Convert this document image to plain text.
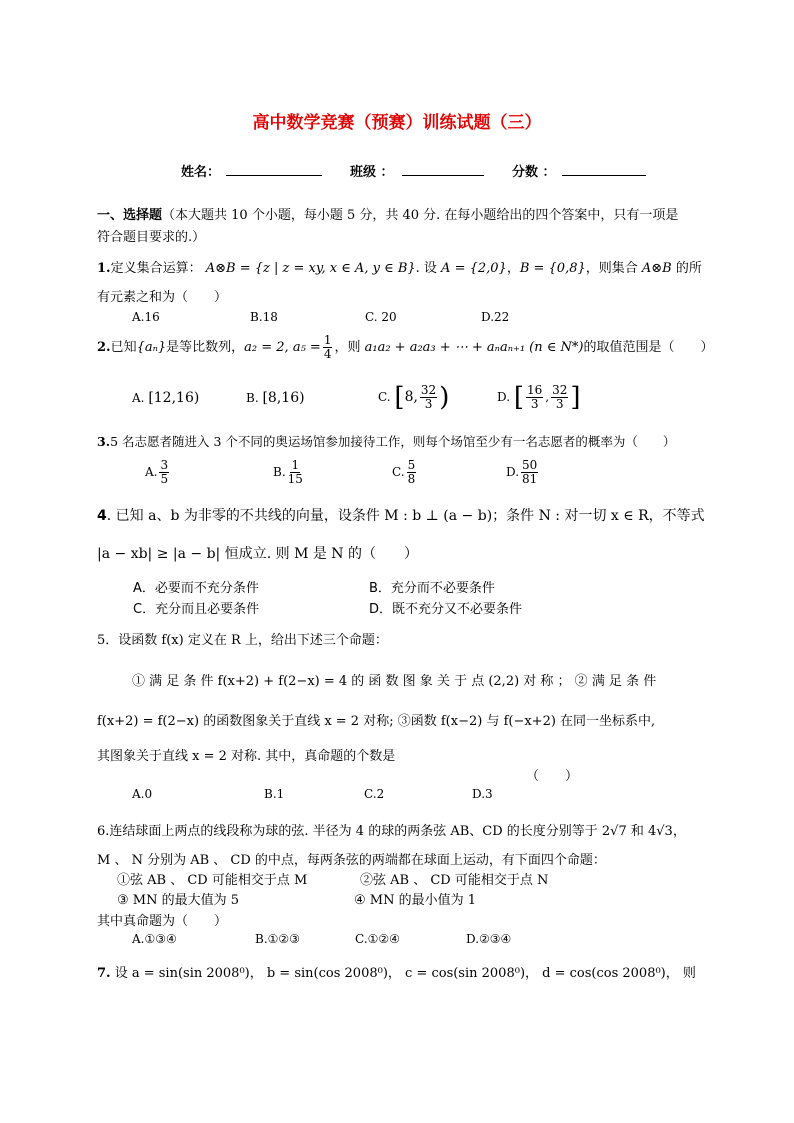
高中数学竞赛（预赛）训练试题（三）
姓名：	班级 ：	分数 ：
一、选择题（本大题共 10 个小题，每小题 5 分，共 40 分. 在每小题给出的四个答案中，只有一项是
符合题目要求的.）
1.定义集合运算： A⊗B = {z | z = xy, x ∈ A, y ∈ B}. 设 A = {2,0}，B = {0,8}，则集合 A⊗B 的所
有元素之和为（　　）
A.16	B.18	C. 20	D.22
2.已知{aₙ}是等比数列，a₂ = 2, $a_5 = \frac{1}{4}$ ，则 a₁a₂ + a₂a₃ + ⋯ + aₙaₙ₊₁ (n ∈ N*)的取值范围是（　　）
A. [12,16)	B. [8,16)	C. [8, $\frac{32}{3}$ )	D. [ $\frac{16}{3}$ , $\frac{32}{3}$ ]
3.5 名志愿者随进入 3 个不同的奥运场馆参加接待工作，则每个场馆至少有一名志愿者的概率为（　　）
A. $\frac{3}{5}$	B. $\frac{1}{15}$	C. $\frac{5}{8}$	D. $\frac{50}{81}$
4. 已知 a、b 为非零的不共线的向量，设条件 M : b ⊥ (a − b)；条件 N : 对一切 x ∈ R，不等式
|a − xb| ≥ |a − b| 恒成立. 则 M 是 N 的（　　）
A．必要而不充分条件	B．充分而不必要条件
C．充分而且必要条件	D．既不充分又不必要条件
5．设函数 f(x) 定义在 R 上，给出下述三个命题：
① 满 足 条 件 f(x+2) + f(2−x) = 4 的 函 数 图 象 关 于 点 (2,2) 对 称 ； ② 满 足 条 件
f(x+2) = f(2−x) 的函数图象关于直线 x = 2 对称; ③函数 f(x−2) 与 f(−x+2) 在同一坐标系中,
其图象关于直线 x = 2 对称. 其中，真命题的个数是
（　　）
A.0	B.1	C.2	D.3
6.连结球面上两点的线段称为球的弦. 半径为 4 的球的两条弦 AB、CD 的长度分别等于 2√7 和 4√3，
M 、 N 分别为 AB 、 CD 的中点，每两条弦的两端都在球面上运动，有下面四个命题：
①弦 AB 、 CD 可能相交于点 M	②弦 AB 、 CD 可能相交于点 N
③ MN 的最大值为 5	④ MN 的最小值为 1
其中真命题为（　　）
A.①③④	B.①②③	C.①②④	D.②③④
7. 设 a = sin(sin 2008⁰)， b = sin(cos 2008⁰)， c = cos(sin 2008⁰)， d = cos(cos 2008⁰)， 则
